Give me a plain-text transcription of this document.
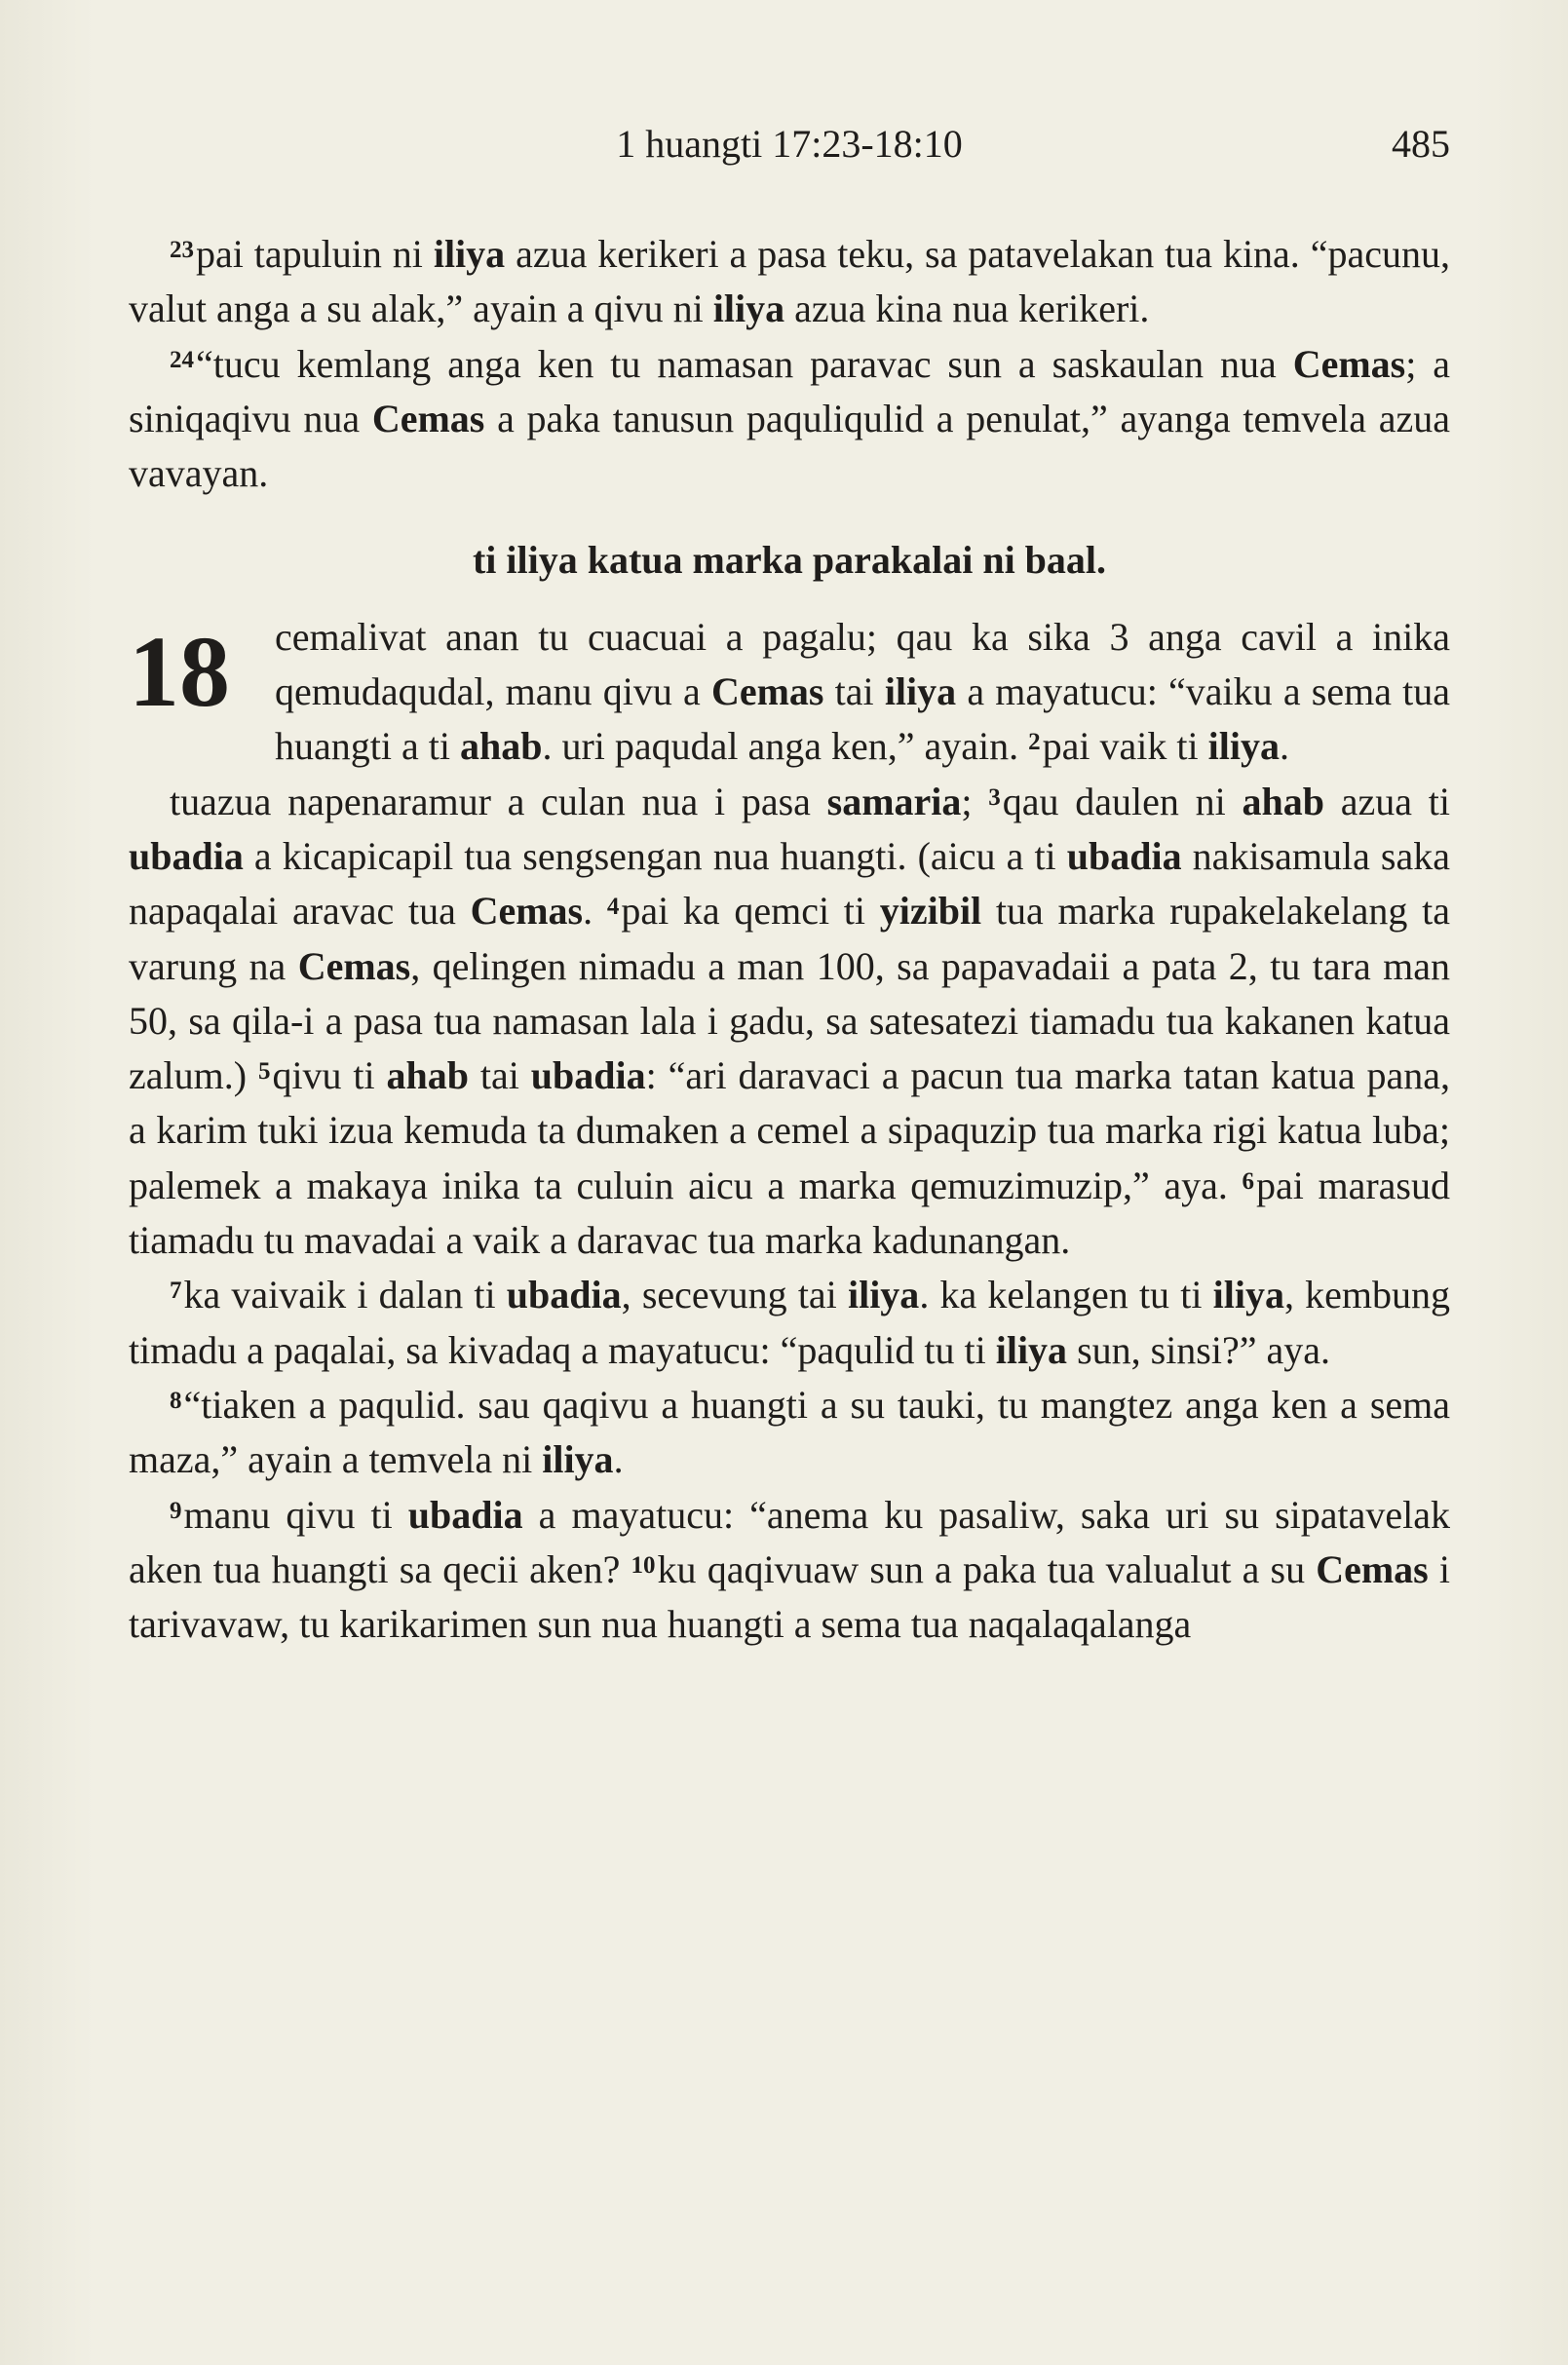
1 huangti 17:23-18:10	485

$^{23}$pai tapuluin ni iliya azua kerikeri a pasa teku, sa patavelakan tua kina. “pacunu, valut anga a su alak,” ayain a qivu ni iliya azua kina nua kerikeri.

$^{24}$“tucu kemlang anga ken tu namasan paravac sun a saskaulan nua Cemas; a siniqaqivu nua Cemas a paka tanusun paquliqulid a penulat,” ayanga temvela azua vavayan.

ti iliya katua marka parakalai ni baal.
18	cemalivat anan tu cuacuai a pagalu; qau ka sika 3 anga cavil a inika qemudaqudal, manu qivu a Cemas tai iliya a mayatucu: “vaiku a sema tua huangti a ti ahab. uri paqudal anga ken,” ayain. $^2$pai vaik ti iliya.

tuazua napenaramur a culan nua i pasa samaria; $^3$qau daulen ni ahab azua ti ubadia a kicapicapil tua sengsengan nua huangti. (aicu a ti ubadia nakisamula saka napaqalai aravac tua Cemas. $^4$pai ka qemci ti yizibil tua marka rupakelakelang ta varung na Cemas, qelingen nimadu a man 100, sa papavadaii a pata 2, tu tara man 50, sa qila-i a pasa tua namasan lala i gadu, sa satesatezi tiamadu tua kakanen katua zalum.) $^5$qivu ti ahab tai ubadia: “ari daravaci a pacun tua marka tatan katua pana, a karim tuki izua kemuda ta dumaken a cemel a sipaquzip tua marka rigi katua luba; palemek a makaya inika ta culuin aicu a marka qemuzimuzip,” aya. $^6$pai marasud tiamadu tu mavadai a vaik a daravac tua marka kadunangan.

$^7$ka vaivaik i dalan ti ubadia, secevung tai iliya. ka kelangen tu ti iliya, kembung timadu a paqalai, sa kivadaq a mayatucu: “paqulid tu ti iliya sun, sinsi?” aya.

$^8$“tiaken a paqulid. sau qaqivu a huangti a su tauki, tu mangtez anga ken a sema maza,” ayain a temvela ni iliya.

$^9$manu qivu ti ubadia a mayatucu: “anema ku pasaliw, saka uri su sipatavelak aken tua huangti sa qecii aken? $^{10}$ku qaqivuaw sun a paka tua valualut a su Cemas i tarivavaw, tu karikarimen sun nua huangti a sema tua naqalaqalanga
